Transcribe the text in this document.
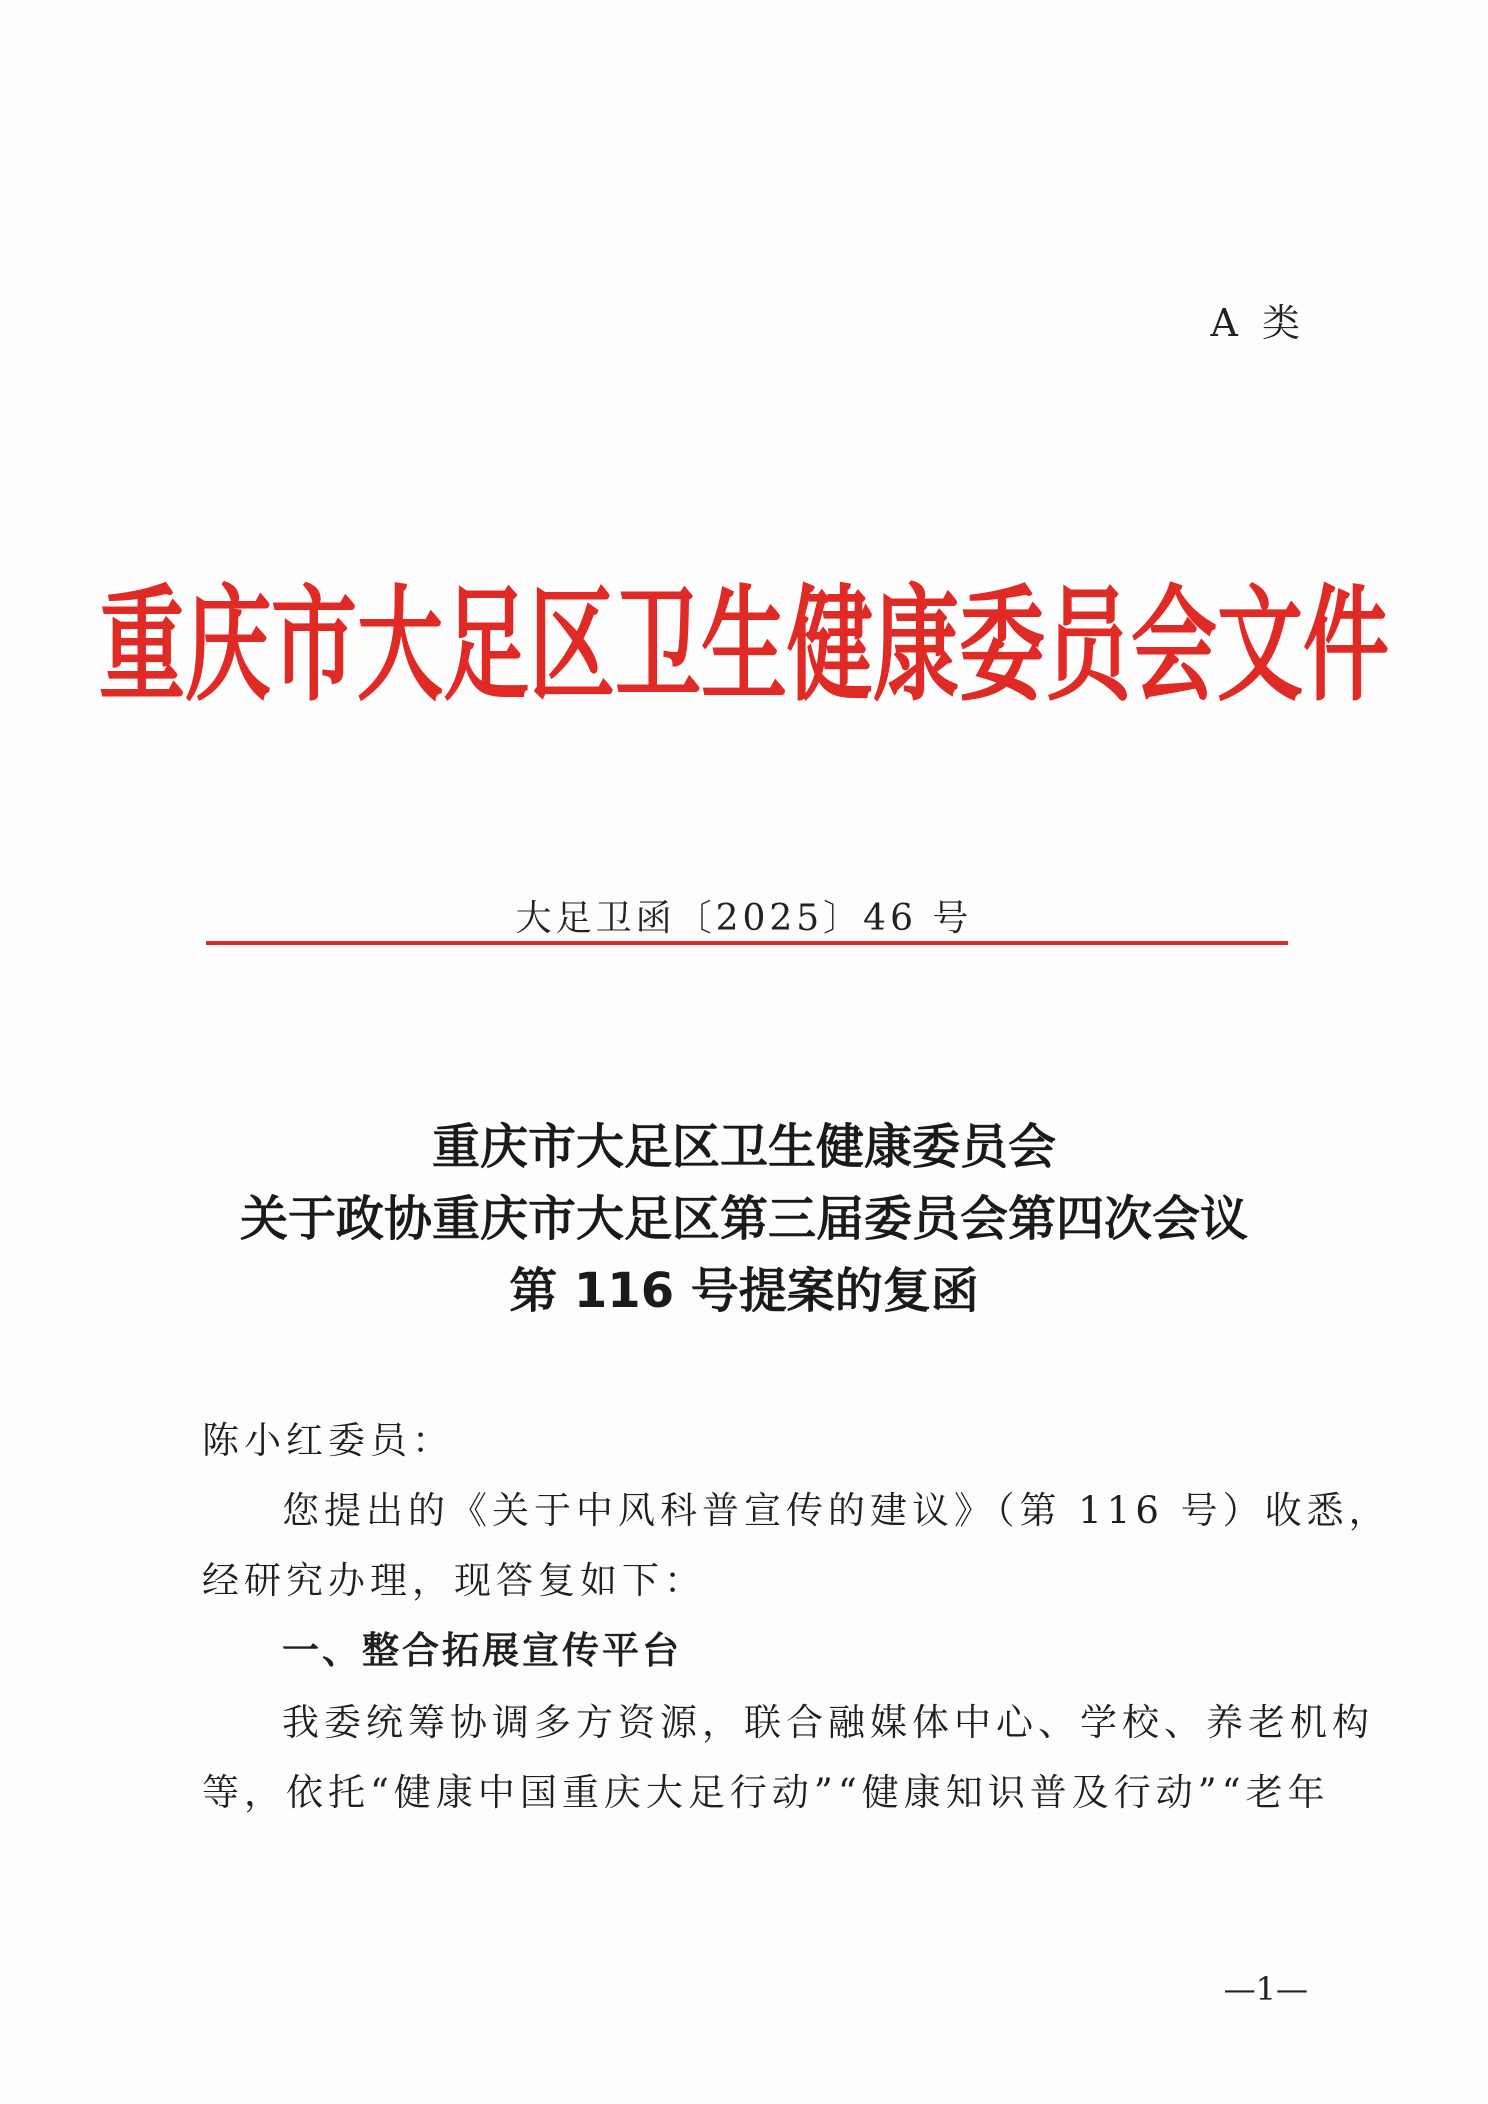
A 类
重庆市大足区卫生健康委员会文件
大足卫函〔2025〕46 号
重庆市大足区卫生健康委员会
关于政协重庆市大足区第三届委员会第四次会议
第 116 号提案的复函
陈小红委员：
您提出的《关于中风科普宣传的建议》（第 116 号）收悉，
经研究办理，现答复如下：
一、整合拓展宣传平台
我委统筹协调多方资源，联合融媒体中心、学校、养老机构
等，依托“健康中国重庆大足行动”“健康知识普及行动”“老年
—1—
